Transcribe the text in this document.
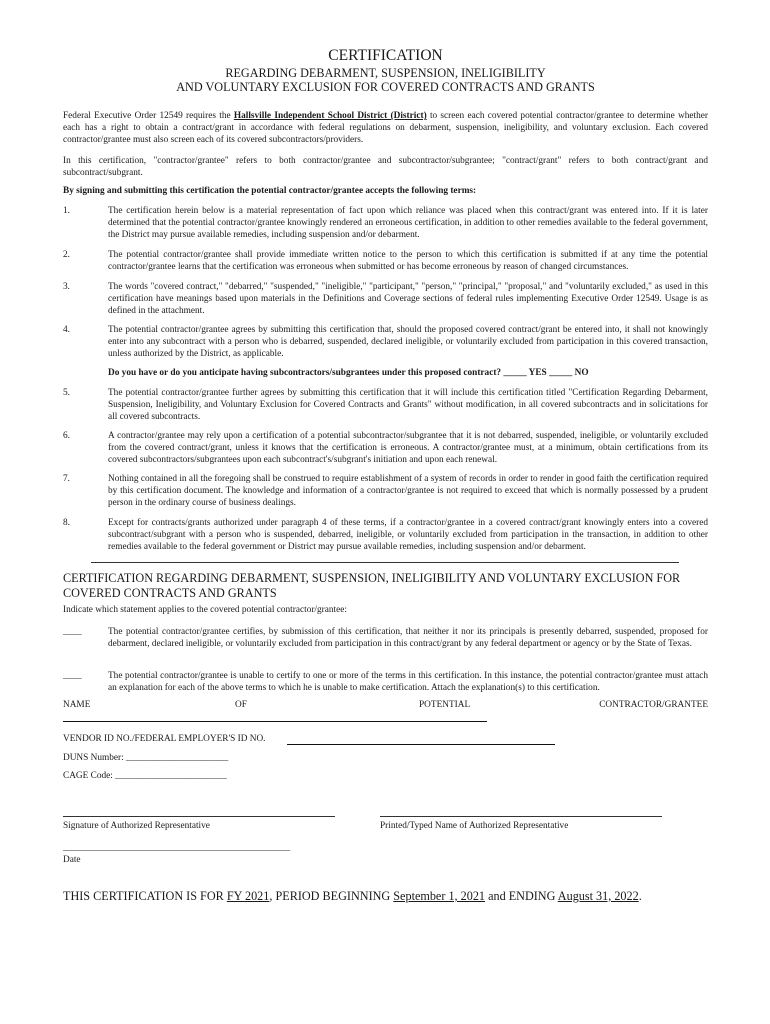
CERTIFICATION
REGARDING DEBARMENT, SUSPENSION, INELIGIBILITY
AND VOLUNTARY EXCLUSION FOR COVERED CONTRACTS AND GRANTS
Federal Executive Order 12549 requires the Hallsville Independent School District (District) to screen each covered potential contractor/grantee to determine whether each has a right to obtain a contract/grant in accordance with federal regulations on debarment, suspension, ineligibility, and voluntary exclusion. Each covered contractor/grantee must also screen each of its covered subcontractors/providers.
In this certification, "contractor/grantee" refers to both contractor/grantee and subcontractor/subgrantee; "contract/grant" refers to both contract/grant and subcontract/subgrant.
By signing and submitting this certification the potential contractor/grantee accepts the following terms:
1.	The certification herein below is a material representation of fact upon which reliance was placed when this contract/grant was entered into. If it is later determined that the potential contractor/grantee knowingly rendered an erroneous certification, in addition to other remedies available to the federal government, the District may pursue available remedies, including suspension and/or debarment.
2.	The potential contractor/grantee shall provide immediate written notice to the person to which this certification is submitted if at any time the potential contractor/grantee learns that the certification was erroneous when submitted or has become erroneous by reason of changed circumstances.
3.	The words "covered contract," "debarred," "suspended," "ineligible," "participant," "person," "principal," "proposal," and "voluntarily excluded," as used in this certification have meanings based upon materials in the Definitions and Coverage sections of federal rules implementing Executive Order 12549. Usage is as defined in the attachment.
4.	The potential contractor/grantee agrees by submitting this certification that, should the proposed covered contract/grant be entered into, it shall not knowingly enter into any subcontract with a person who is debarred, suspended, declared ineligible, or voluntarily excluded from participation in this covered transaction, unless authorized by the District, as applicable.
Do you have or do you anticipate having subcontractors/subgrantees under this proposed contract? _____ YES _____ NO
5.	The potential contractor/grantee further agrees by submitting this certification that it will include this certification titled "Certification Regarding Debarment, Suspension, Ineligibility, and Voluntary Exclusion for Covered Contracts and Grants" without modification, in all covered subcontracts and in solicitations for all covered subcontracts.
6.	A contractor/grantee may rely upon a certification of a potential subcontractor/subgrantee that it is not debarred, suspended, ineligible, or voluntarily excluded from the covered contract/grant, unless it knows that the certification is erroneous. A contractor/grantee must, at a minimum, obtain certifications from its covered subcontractors/subgrantees upon each subcontract's/subgrant's initiation and upon each renewal.
7.	Nothing contained in all the foregoing shall be construed to require establishment of a system of records in order to render in good faith the certification required by this certification document. The knowledge and information of a contractor/grantee is not required to exceed that which is normally possessed by a prudent person in the ordinary course of business dealings.
8.	Except for contracts/grants authorized under paragraph 4 of these terms, if a contractor/grantee in a covered contract/grant knowingly enters into a covered subcontract/subgrant with a person who is suspended, debarred, ineligible, or voluntarily excluded from participation in the transaction, in addition to other remedies available to the federal government or District may pursue available remedies, including suspension and/or debarment.
CERTIFICATION REGARDING DEBARMENT, SUSPENSION, INELIGIBILITY AND VOLUNTARY EXCLUSION FOR COVERED CONTRACTS AND GRANTS
Indicate which statement applies to the covered potential contractor/grantee:
____	The potential contractor/grantee certifies, by submission of this certification, that neither it nor its principals is presently debarred, suspended, proposed for debarment, declared ineligible, or voluntarily excluded from participation in this contract/grant by any federal department or agency or by the State of Texas.
____	The potential contractor/grantee is unable to certify to one or more of the terms in this certification. In this instance, the potential contractor/grantee must attach an explanation for each of the above terms to which he is unable to make certification. Attach the explanation(s) to this certification.
NAME	OF	POTENTIAL	CONTRACTOR/GRANTEE
VENDOR ID NO./FEDERAL EMPLOYER'S ID NO.
DUNS Number: ______________________
CAGE Code: ________________________
Signature of Authorized Representative	Printed/Typed Name of Authorized Representative
________________________________________________________
Date
THIS CERTIFICATION IS FOR FY 2021, PERIOD BEGINNING September 1, 2021 and ENDING August 31, 2022.
